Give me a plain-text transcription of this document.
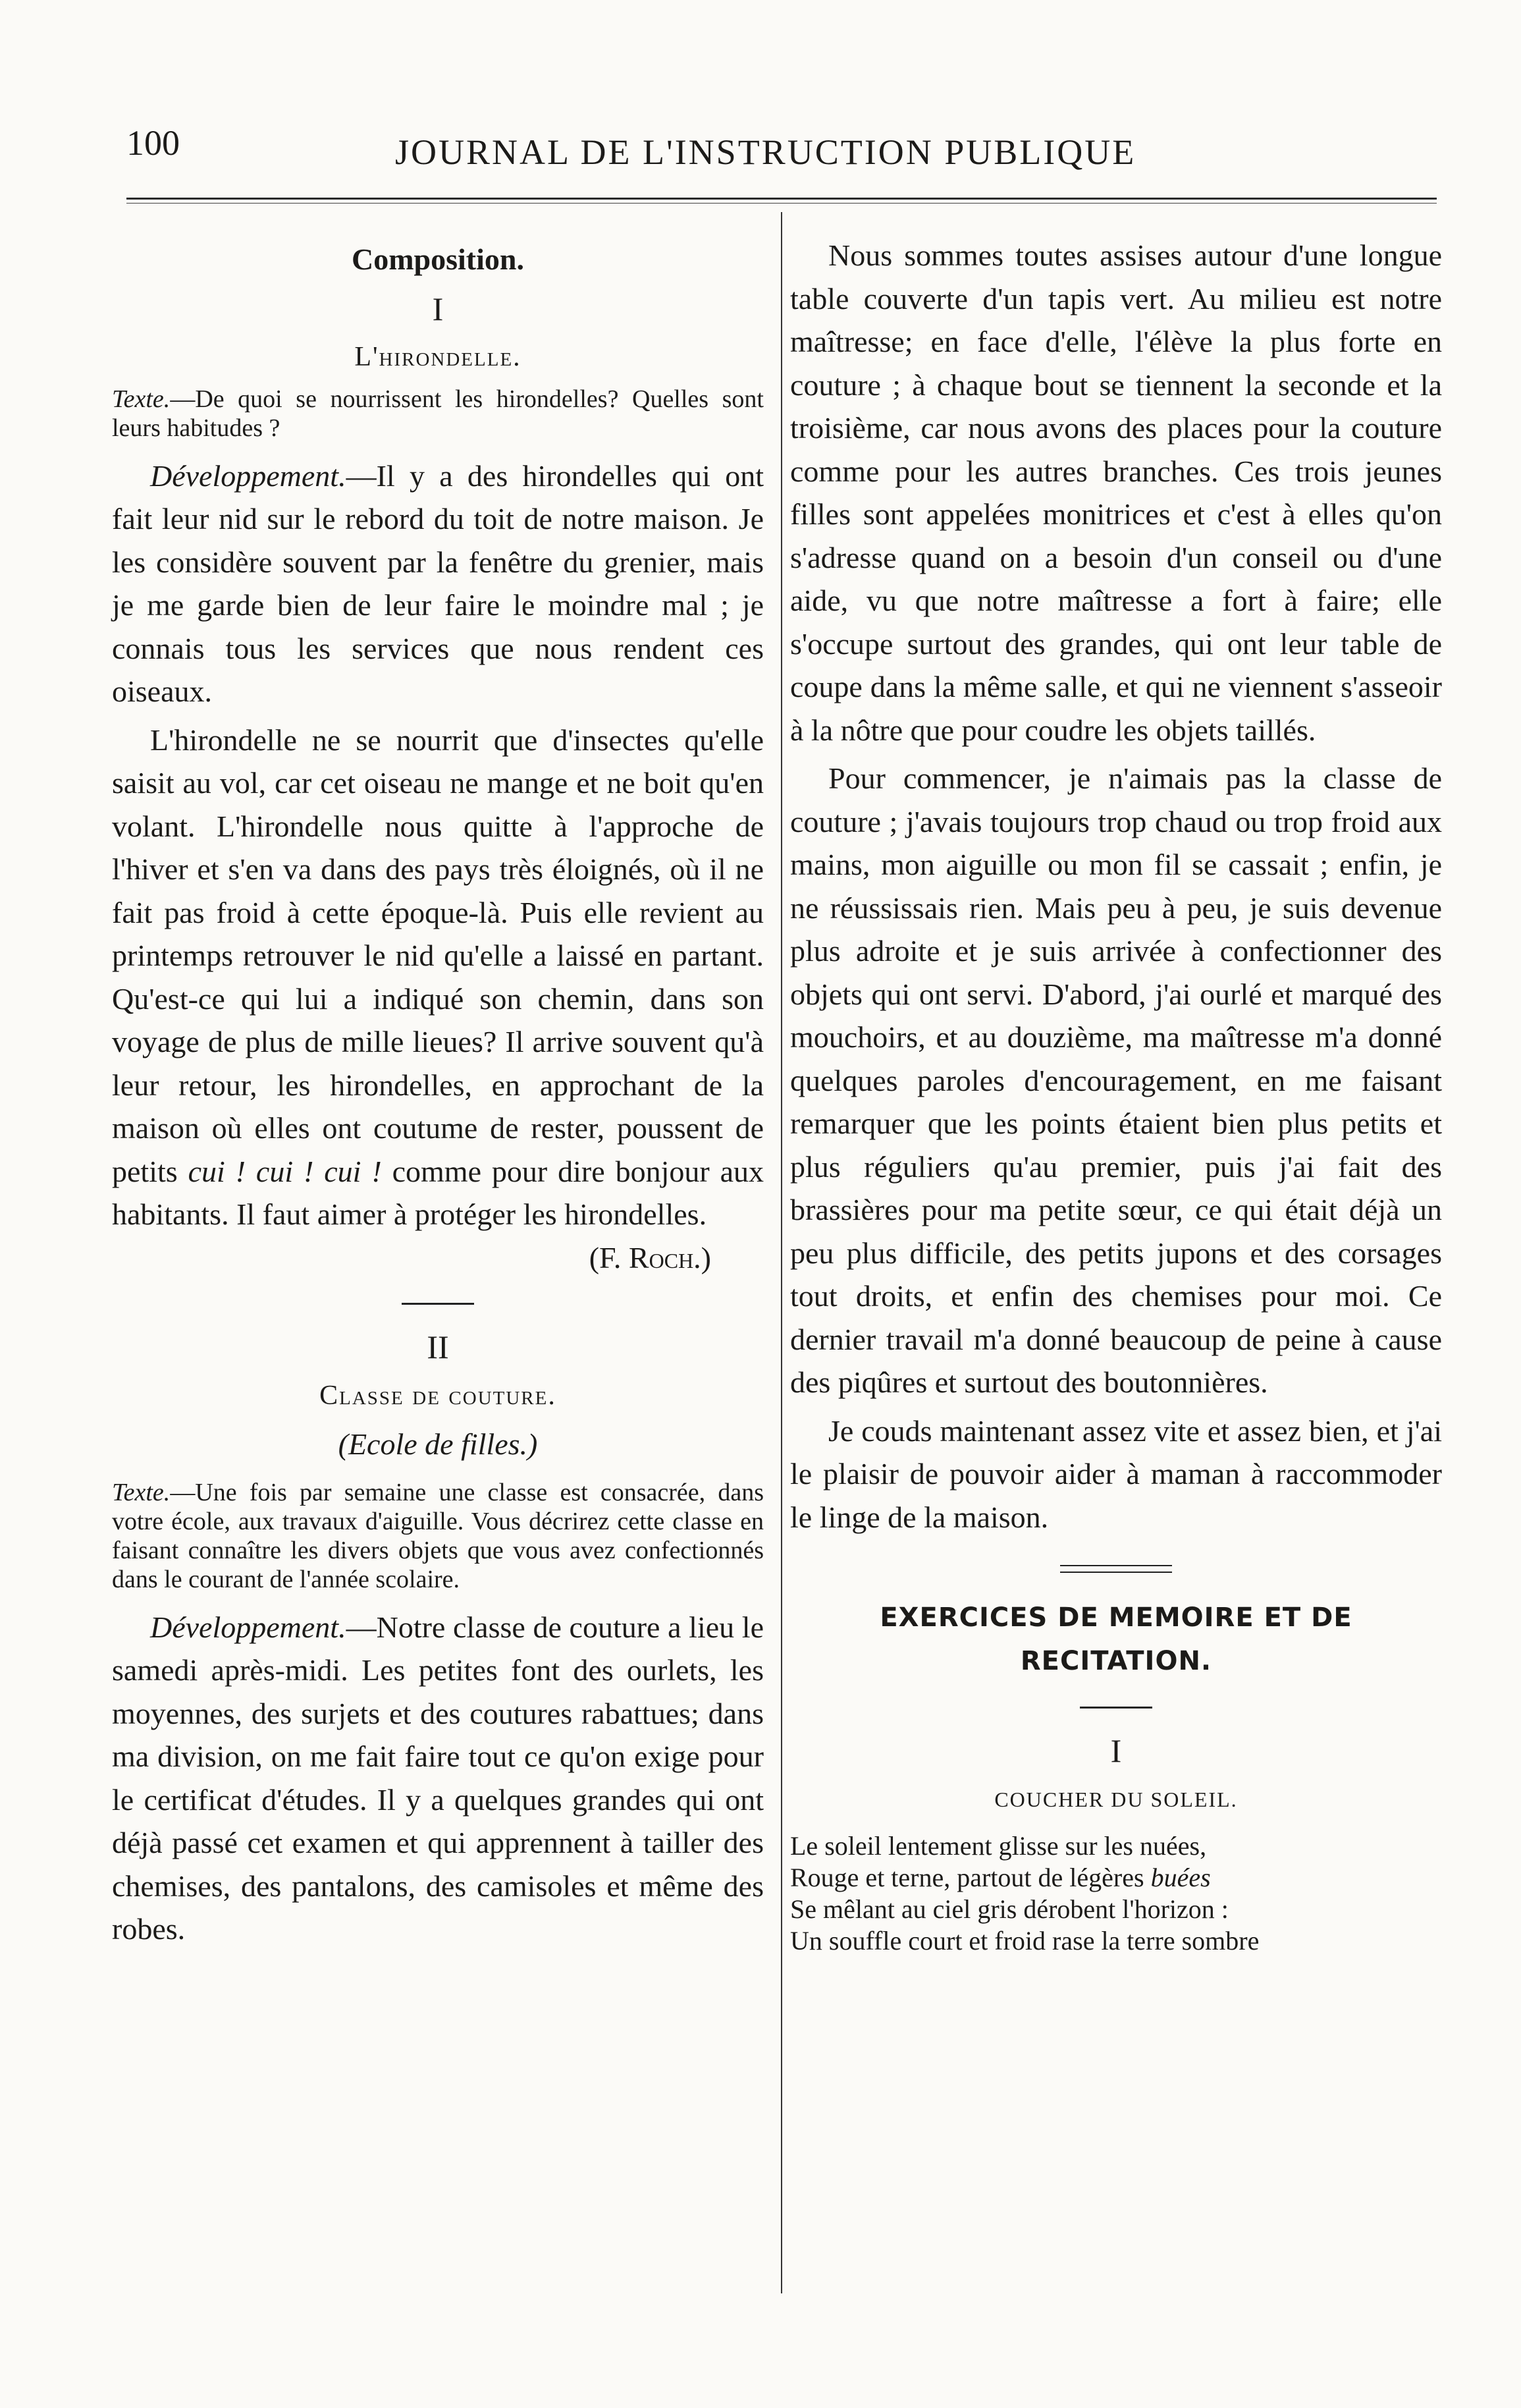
100	JOURNAL DE L'INSTRUCTION PUBLIQUE
Composition.
I
L'hirondelle.
Texte.—De quoi se nourrissent les hirondelles? Quelles sont leurs habitudes ?

Développement.—Il y a des hirondelles qui ont fait leur nid sur le rebord du toit de notre maison. Je les considère souvent par la fenêtre du grenier, mais je me garde bien de leur faire le moindre mal ; je connais tous les services que nous rendent ces oiseaux.

L'hirondelle ne se nourrit que d'insectes qu'elle saisit au vol, car cet oiseau ne mange et ne boit qu'en volant. L'hirondelle nous quitte à l'approche de l'hiver et s'en va dans des pays très éloignés, où il ne fait pas froid à cette époque-là. Puis elle revient au printemps retrouver le nid qu'elle a laissé en partant. Qu'est-ce qui lui a indiqué son chemin, dans son voyage de plus de mille lieues? Il arrive souvent qu'à leur retour, les hirondelles, en approchant de la maison où elles ont coutume de rester, poussent de petits cui ! cui ! cui ! comme pour dire bonjour aux habitants. Il faut aimer à protéger les hirondelles.

(F. Roch.)

II
Classe de couture.
(Ecole de filles.)
Texte.—Une fois par semaine une classe est consacrée, dans votre école, aux travaux d'aiguille. Vous décrirez cette classe en faisant connaître les divers objets que vous avez confectionnés dans le courant de l'année scolaire.

Développement.—Notre classe de couture a lieu le samedi après-midi. Les petites font des ourlets, les moyennes, des surjets et des coutures rabattues; dans ma division, on me fait faire tout ce qu'on exige pour le certificat d'études. Il y a quelques grandes qui ont déjà passé cet examen et qui apprennent à tailler des chemises, des pantalons, des camisoles et même des robes.

Nous sommes toutes assises autour d'une longue table couverte d'un tapis vert. Au milieu est notre maîtresse; en face d'elle, l'élève la plus forte en couture ; à chaque bout se tiennent la seconde et la troisième, car nous avons des places pour la couture comme pour les autres branches. Ces trois jeunes filles sont appelées monitrices et c'est à elles qu'on s'adresse quand on a besoin d'un conseil ou d'une aide, vu que notre maîtresse a fort à faire; elle s'occupe surtout des grandes, qui ont leur table de coupe dans la même salle, et qui ne viennent s'asseoir à la nôtre que pour coudre les objets taillés.

Pour commencer, je n'aimais pas la classe de couture ; j'avais toujours trop chaud ou trop froid aux mains, mon aiguille ou mon fil se cassait ; enfin, je ne réussissais rien. Mais peu à peu, je suis devenue plus adroite et je suis arrivée à confectionner des objets qui ont servi. D'abord, j'ai ourlé et marqué des mouchoirs, et au douzième, ma maîtresse m'a donné quelques paroles d'encouragement, en me faisant remarquer que les points étaient bien plus petits et plus réguliers qu'au premier, puis j'ai fait des brassières pour ma petite sœur, ce qui était déjà un peu plus difficile, des petits jupons et des corsages tout droits, et enfin des chemises pour moi. Ce dernier travail m'a donné beaucoup de peine à cause des piqûres et surtout des boutonnières.

Je couds maintenant assez vite et assez bien, et j'ai le plaisir de pouvoir aider à maman à raccommoder le linge de la maison.

EXERCICES DE MEMOIRE ET DE RECITATION.
I
COUCHER DU SOLEIL.
Le soleil lentement glisse sur les nuées,
Rouge et terne, partout de légères buées
Se mêlant au ciel gris dérobent l'horizon :
Un souffle court et froid rase la terre sombre
